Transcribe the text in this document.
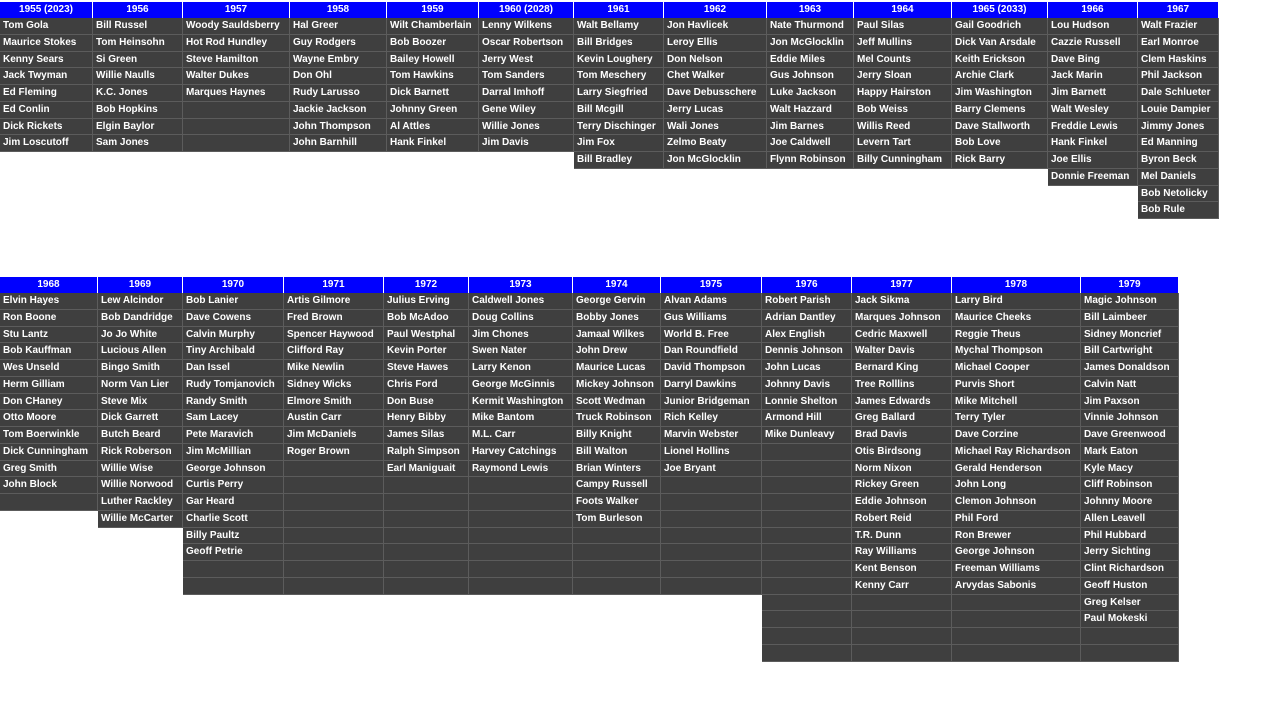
1955 (2023)
Tom Gola
Maurice Stokes
Kenny Sears
Jack Twyman
Ed Fleming
Ed Conlin
Dick Rickets
Jim Loscutoff
1956
Bill Russel
Tom Heinsohn
Si Green
Willie Naulls
K.C. Jones
Bob Hopkins
Elgin Baylor
Sam Jones
1957
Woody Sauldsberry
Hot Rod Hundley
Steve Hamilton
Walter Dukes
Marques Haynes
1958
Hal Greer
Guy Rodgers
Wayne Embry
Don Ohl
Rudy Larusso
Jackie Jackson
John Thompson
John Barnhill
1959
Wilt Chamberlain
Bob Boozer
Bailey Howell
Tom Hawkins
Dick Barnett
Johnny Green
Al Attles
Hank Finkel
1960 (2028)
Lenny Wilkens
Oscar Robertson
Jerry West
Tom Sanders
Darral Imhoff
Gene Wiley
Willie Jones
Jim Davis
1961
Walt Bellamy
Bill Bridges
Kevin Loughery
Tom Meschery
Larry Siegfried
Bill Mcgill
Terry Dischinger
Jim Fox
Bill Bradley
1962
Jon Havlicek
Leroy Ellis
Don Nelson
Chet Walker
Dave Debusschere
Jerry Lucas
Wali Jones
Zelmo Beaty
Jon McGlocklin
1963
Nate Thurmond
Jon McGlocklin
Eddie Miles
Gus Johnson
Luke Jackson
Walt Hazzard
Jim Barnes
Joe Caldwell
Flynn Robinson
1964
Paul Silas
Jeff Mullins
Mel Counts
Jerry Sloan
Happy Hairston
Bob Weiss
Willis Reed
Levern Tart
Billy Cunningham
1965 (2033)
Gail Goodrich
Dick Van Arsdale
Keith Erickson
Archie Clark
Jim Washington
Barry Clemens
Dave Stallworth
Bob Love
Rick Barry
1966
Lou Hudson
Cazzie Russell
Dave Bing
Jack Marin
Jim Barnett
Walt Wesley
Freddie Lewis
Hank Finkel
Joe Ellis
Donnie Freeman
1967
Walt Frazier
Earl Monroe
Clem Haskins
Phil Jackson
Dale Schlueter
Louie Dampier
Jimmy Jones
Ed Manning
Byron Beck
Mel Daniels
Bob Netolicky
Bob Rule
1968
Elvin Hayes
Ron Boone
Stu Lantz
Bob Kauffman
Wes Unseld
Herm Gilliam
Don CHaney
Otto Moore
Tom Boerwinkle
Dick Cunningham
Greg Smith
John Block
1969
Lew Alcindor
Bob Dandridge
Jo Jo White
Lucious Allen
Bingo Smith
Norm Van Lier
Steve Mix
Dick Garrett
Butch Beard
Rick Roberson
Willie Wise
Willie Norwood
Luther Rackley
Willie McCarter
1970
Bob Lanier
Dave Cowens
Calvin Murphy
Tiny Archibald
Dan Issel
Rudy Tomjanovich
Randy Smith
Sam Lacey
Pete Maravich
Jim McMillian
George Johnson
Curtis Perry
Gar Heard
Charlie Scott
Billy Paultz
Geoff Petrie
1971
Artis Gilmore
Fred Brown
Spencer Haywood
Clifford Ray
Mike Newlin
Sidney Wicks
Elmore Smith
Austin Carr
Jim McDaniels
Roger Brown
1972
Julius Erving
Bob McAdoo
Paul Westphal
Kevin Porter
Steve Hawes
Chris Ford
Don Buse
Henry Bibby
James Silas
Ralph Simpson
Earl Maniguait
1973
Caldwell Jones
Doug Collins
Jim Chones
Swen Nater
Larry Kenon
George McGinnis
Kermit Washington
Mike Bantom
M.L. Carr
Harvey Catchings
Raymond Lewis
1974
George Gervin
Bobby Jones
Jamaal Wilkes
John Drew
Maurice Lucas
Mickey Johnson
Scott Wedman
Truck Robinson
Billy Knight
Bill Walton
Brian Winters
Campy Russell
Foots Walker
Tom Burleson
1975
Alvan Adams
Gus Williams
World B. Free
Dan Roundfield
David Thompson
Darryl Dawkins
Junior Bridgeman
Rich Kelley
Marvin Webster
Lionel Hollins
Joe Bryant
1976
Robert Parish
Adrian Dantley
Alex English
Dennis Johnson
John Lucas
Johnny Davis
Lonnie Shelton
Armond Hill
Mike Dunleavy
1977
Jack Sikma
Marques Johnson
Cedric Maxwell
Walter Davis
Bernard King
Tree Rolllins
James Edwards
Greg Ballard
Brad Davis
Otis Birdsong
Norm Nixon
Rickey Green
Eddie Johnson
Robert Reid
T.R. Dunn
Ray Williams
Kent Benson
Kenny Carr
1978
Larry Bird
Maurice Cheeks
Reggie Theus
Mychal Thompson
Michael Cooper
Purvis Short
Mike Mitchell
Terry Tyler
Dave Corzine
Michael Ray Richardson
Gerald Henderson
John Long
Clemon Johnson
Phil Ford
Ron Brewer
George Johnson
Freeman Williams
Arvydas Sabonis
1979
Magic Johnson
Bill Laimbeer
Sidney Moncrief
Bill Cartwright
James Donaldson
Calvin Natt
Jim Paxson
Vinnie Johnson
Dave Greenwood
Mark Eaton
Kyle Macy
Cliff Robinson
Johnny Moore
Allen Leavell
Phil Hubbard
Jerry Sichting
Clint Richardson
Geoff Huston
Greg Kelser
Paul Mokeski
